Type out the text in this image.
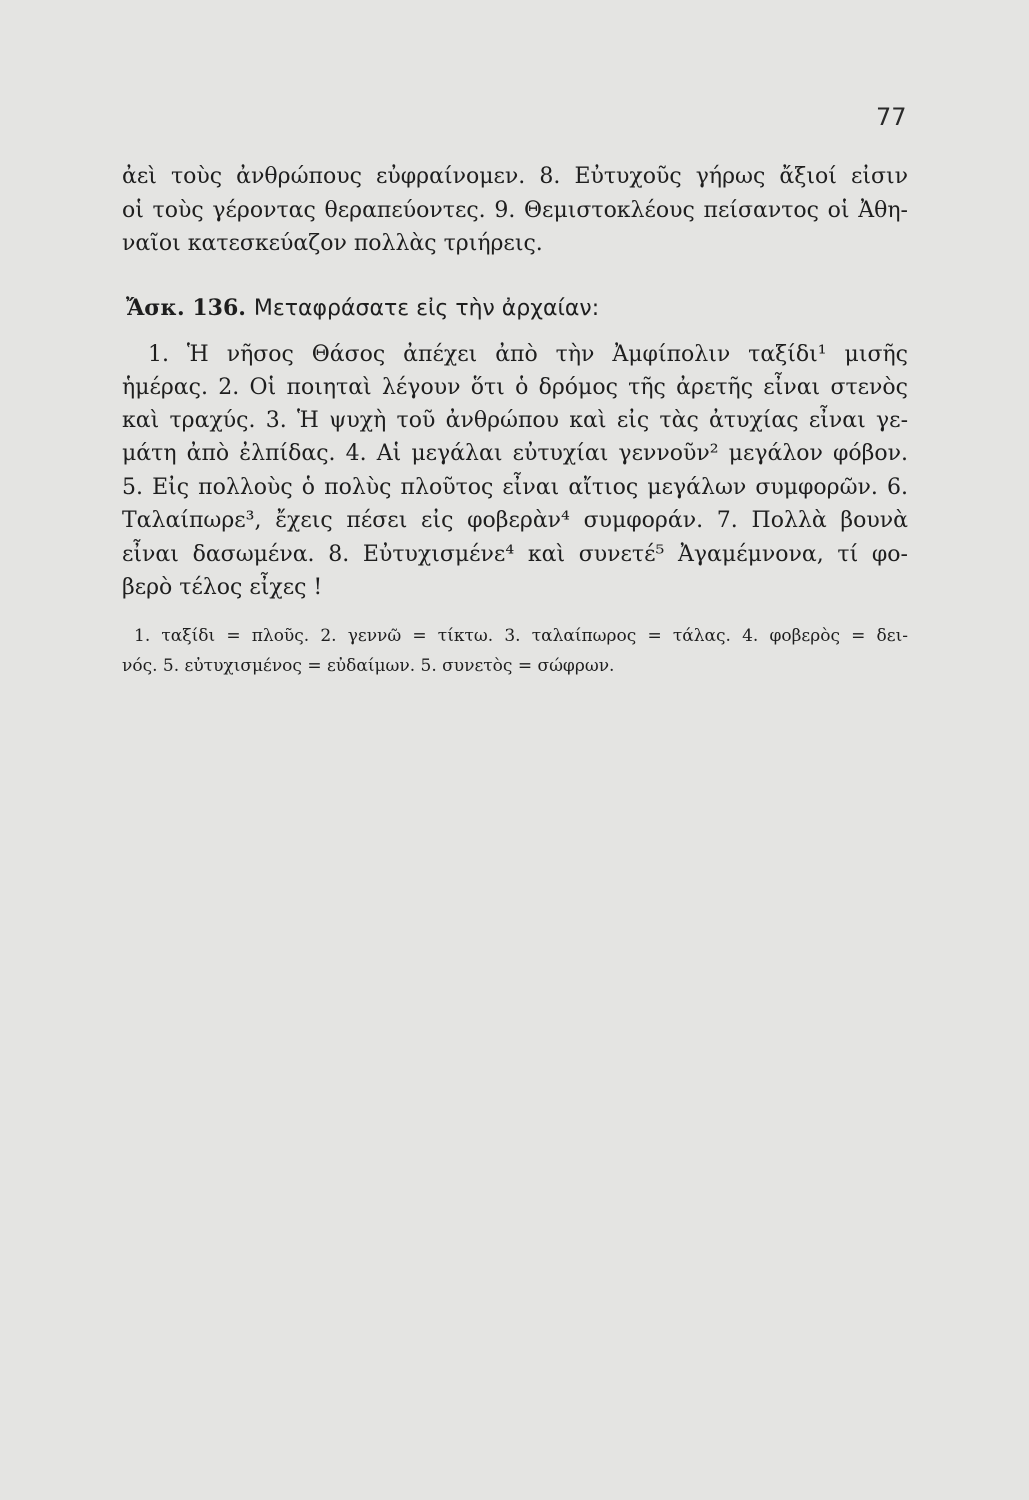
77
ἀεὶ τοὺς ἀνθρώπους εὐφραίνομεν. 8. Εὐτυχοῦς γήρως ἄξιοί εἰσιν
οἱ τοὺς γέροντας θεραπεύοντες. 9. Θεμιστοκλέους πείσαντος οἱ Ἀθη-
ναῖοι κατεσκεύαζον πολλὰς τριήρεις.
Ἄσκ. 136. Μεταφράσατε εἰς τὴν ἀρχαίαν:
1. Ἡ νῆσος Θάσος ἀπέχει ἀπὸ τὴν Ἀμφίπολιν ταξίδι¹ μισῆς
ἡμέρας. 2. Οἱ ποιηταὶ λέγουν ὅτι ὁ δρόμος τῆς ἀρετῆς εἶναι στενὸς
καὶ τραχύς. 3. Ἡ ψυχὴ τοῦ ἀνθρώπου καὶ εἰς τὰς ἀτυχίας εἶναι γε-
μάτη ἀπὸ ἐλπίδας. 4. Αἱ μεγάλαι εὐτυχίαι γεννοῦν² μεγάλον φόβον.
5. Εἰς πολλοὺς ὁ πολὺς πλοῦτος εἶναι αἴτιος μεγάλων συμφορῶν. 6.
Ταλαίπωρε³, ἔχεις πέσει εἰς φοβερὰν⁴ συμφοράν. 7. Πολλὰ βουνὰ
εἶναι δασωμένα. 8. Εὐτυχισμένε⁴ καὶ συνετέ⁵ Ἀγαμέμνονα, τί φο-
βερὸ τέλος εἶχες !
1. ταξίδι = πλοῦς. 2. γεννῶ = τίκτω. 3. ταλαίπωρος = τάλας. 4. φοβερὸς = δει-
νός. 5. εὐτυχισμένος = εὐδαίμων. 5. συνετὸς = σώφρων.
